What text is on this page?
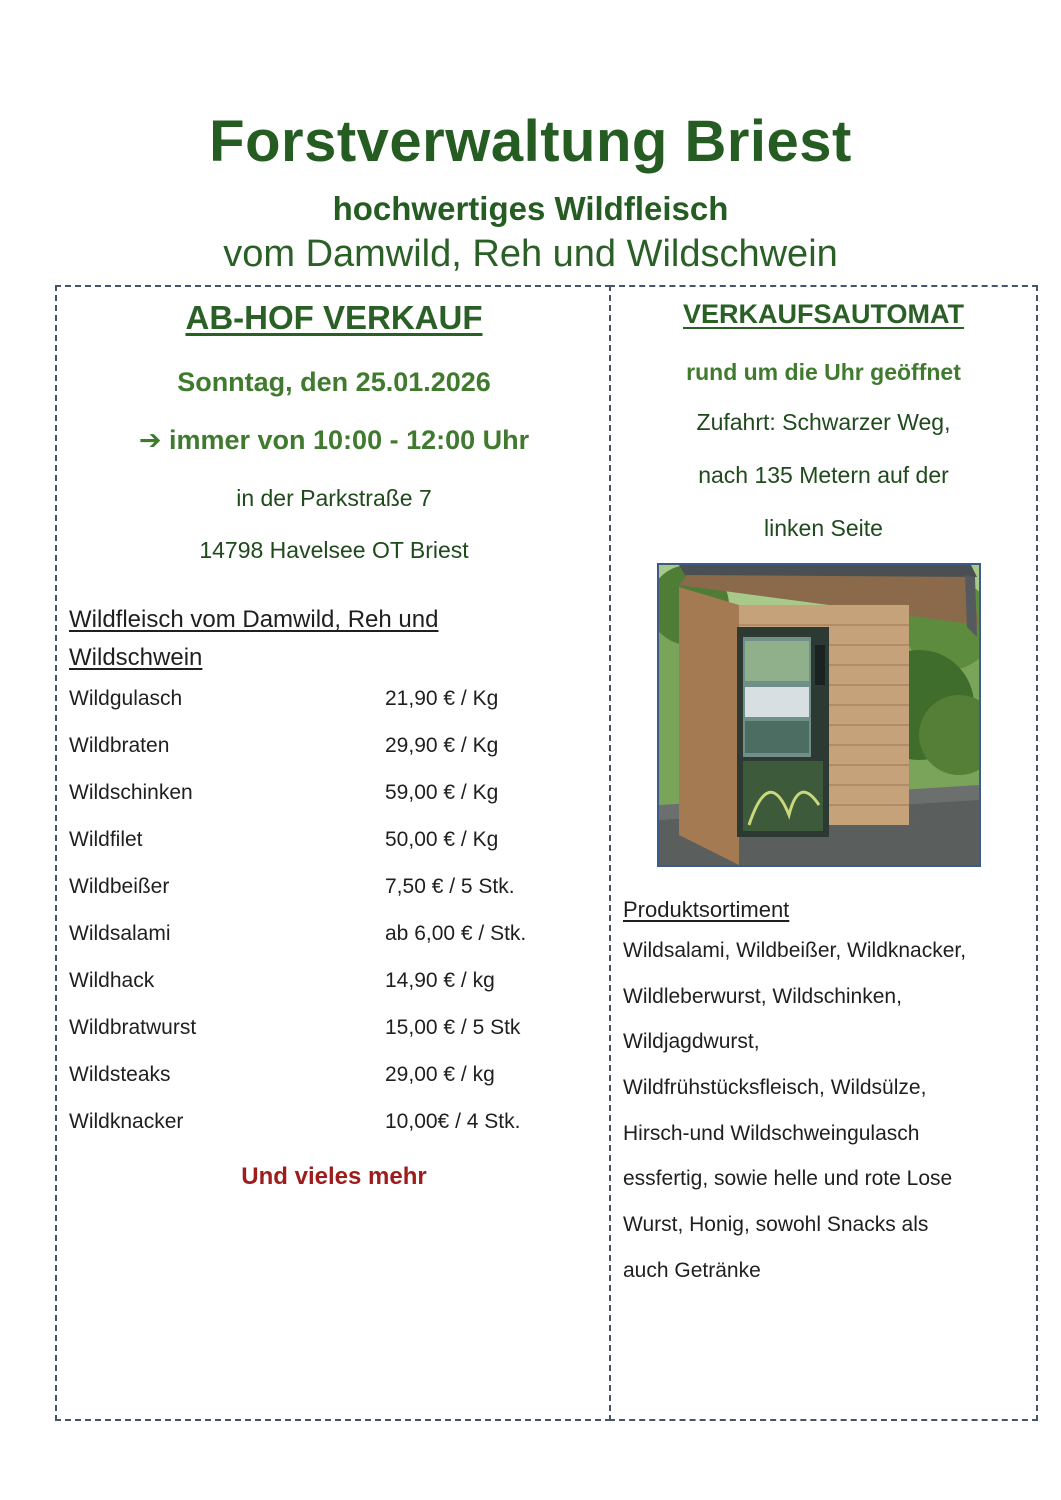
Forstverwaltung Briest
hochwertiges Wildfleisch
vom Damwild, Reh und Wildschwein
AB-HOF VERKAUF
Sonntag, den 25.01.2026
➔ immer von 10:00 - 12:00 Uhr
in der Parkstraße 7
14798 Havelsee OT Briest
Wildfleisch vom Damwild, Reh und Wildschwein
Wildgulasch	21,90 € / Kg
Wildbraten	29,90 € / Kg
Wildschinken	59,00 € / Kg
Wildfilet	50,00 € / Kg
Wildbeißer	7,50 € / 5 Stk.
Wildsalami	ab 6,00 € / Stk.
Wildhack	14,90 € / kg
Wildbratwurst	15,00 € / 5 Stk
Wildsteaks	29,00 € / kg
Wildknacker	10,00€ / 4 Stk.
Und vieles mehr
VERKAUFSAUTOMAT
rund um die Uhr geöffnet
Zufahrt: Schwarzer Weg,
nach 135 Metern auf der
linken Seite
Produktsortiment
Wildsalami, Wildbeißer, Wildknacker,
Wildleberwurst, Wildschinken,
Wildjagdwurst,
Wildfrühstücksfleisch, Wildsülze,
Hirsch-und Wildschweingulasch
essfertig, sowie helle und rote Lose
Wurst, Honig, sowohl Snacks als
auch Getränke
